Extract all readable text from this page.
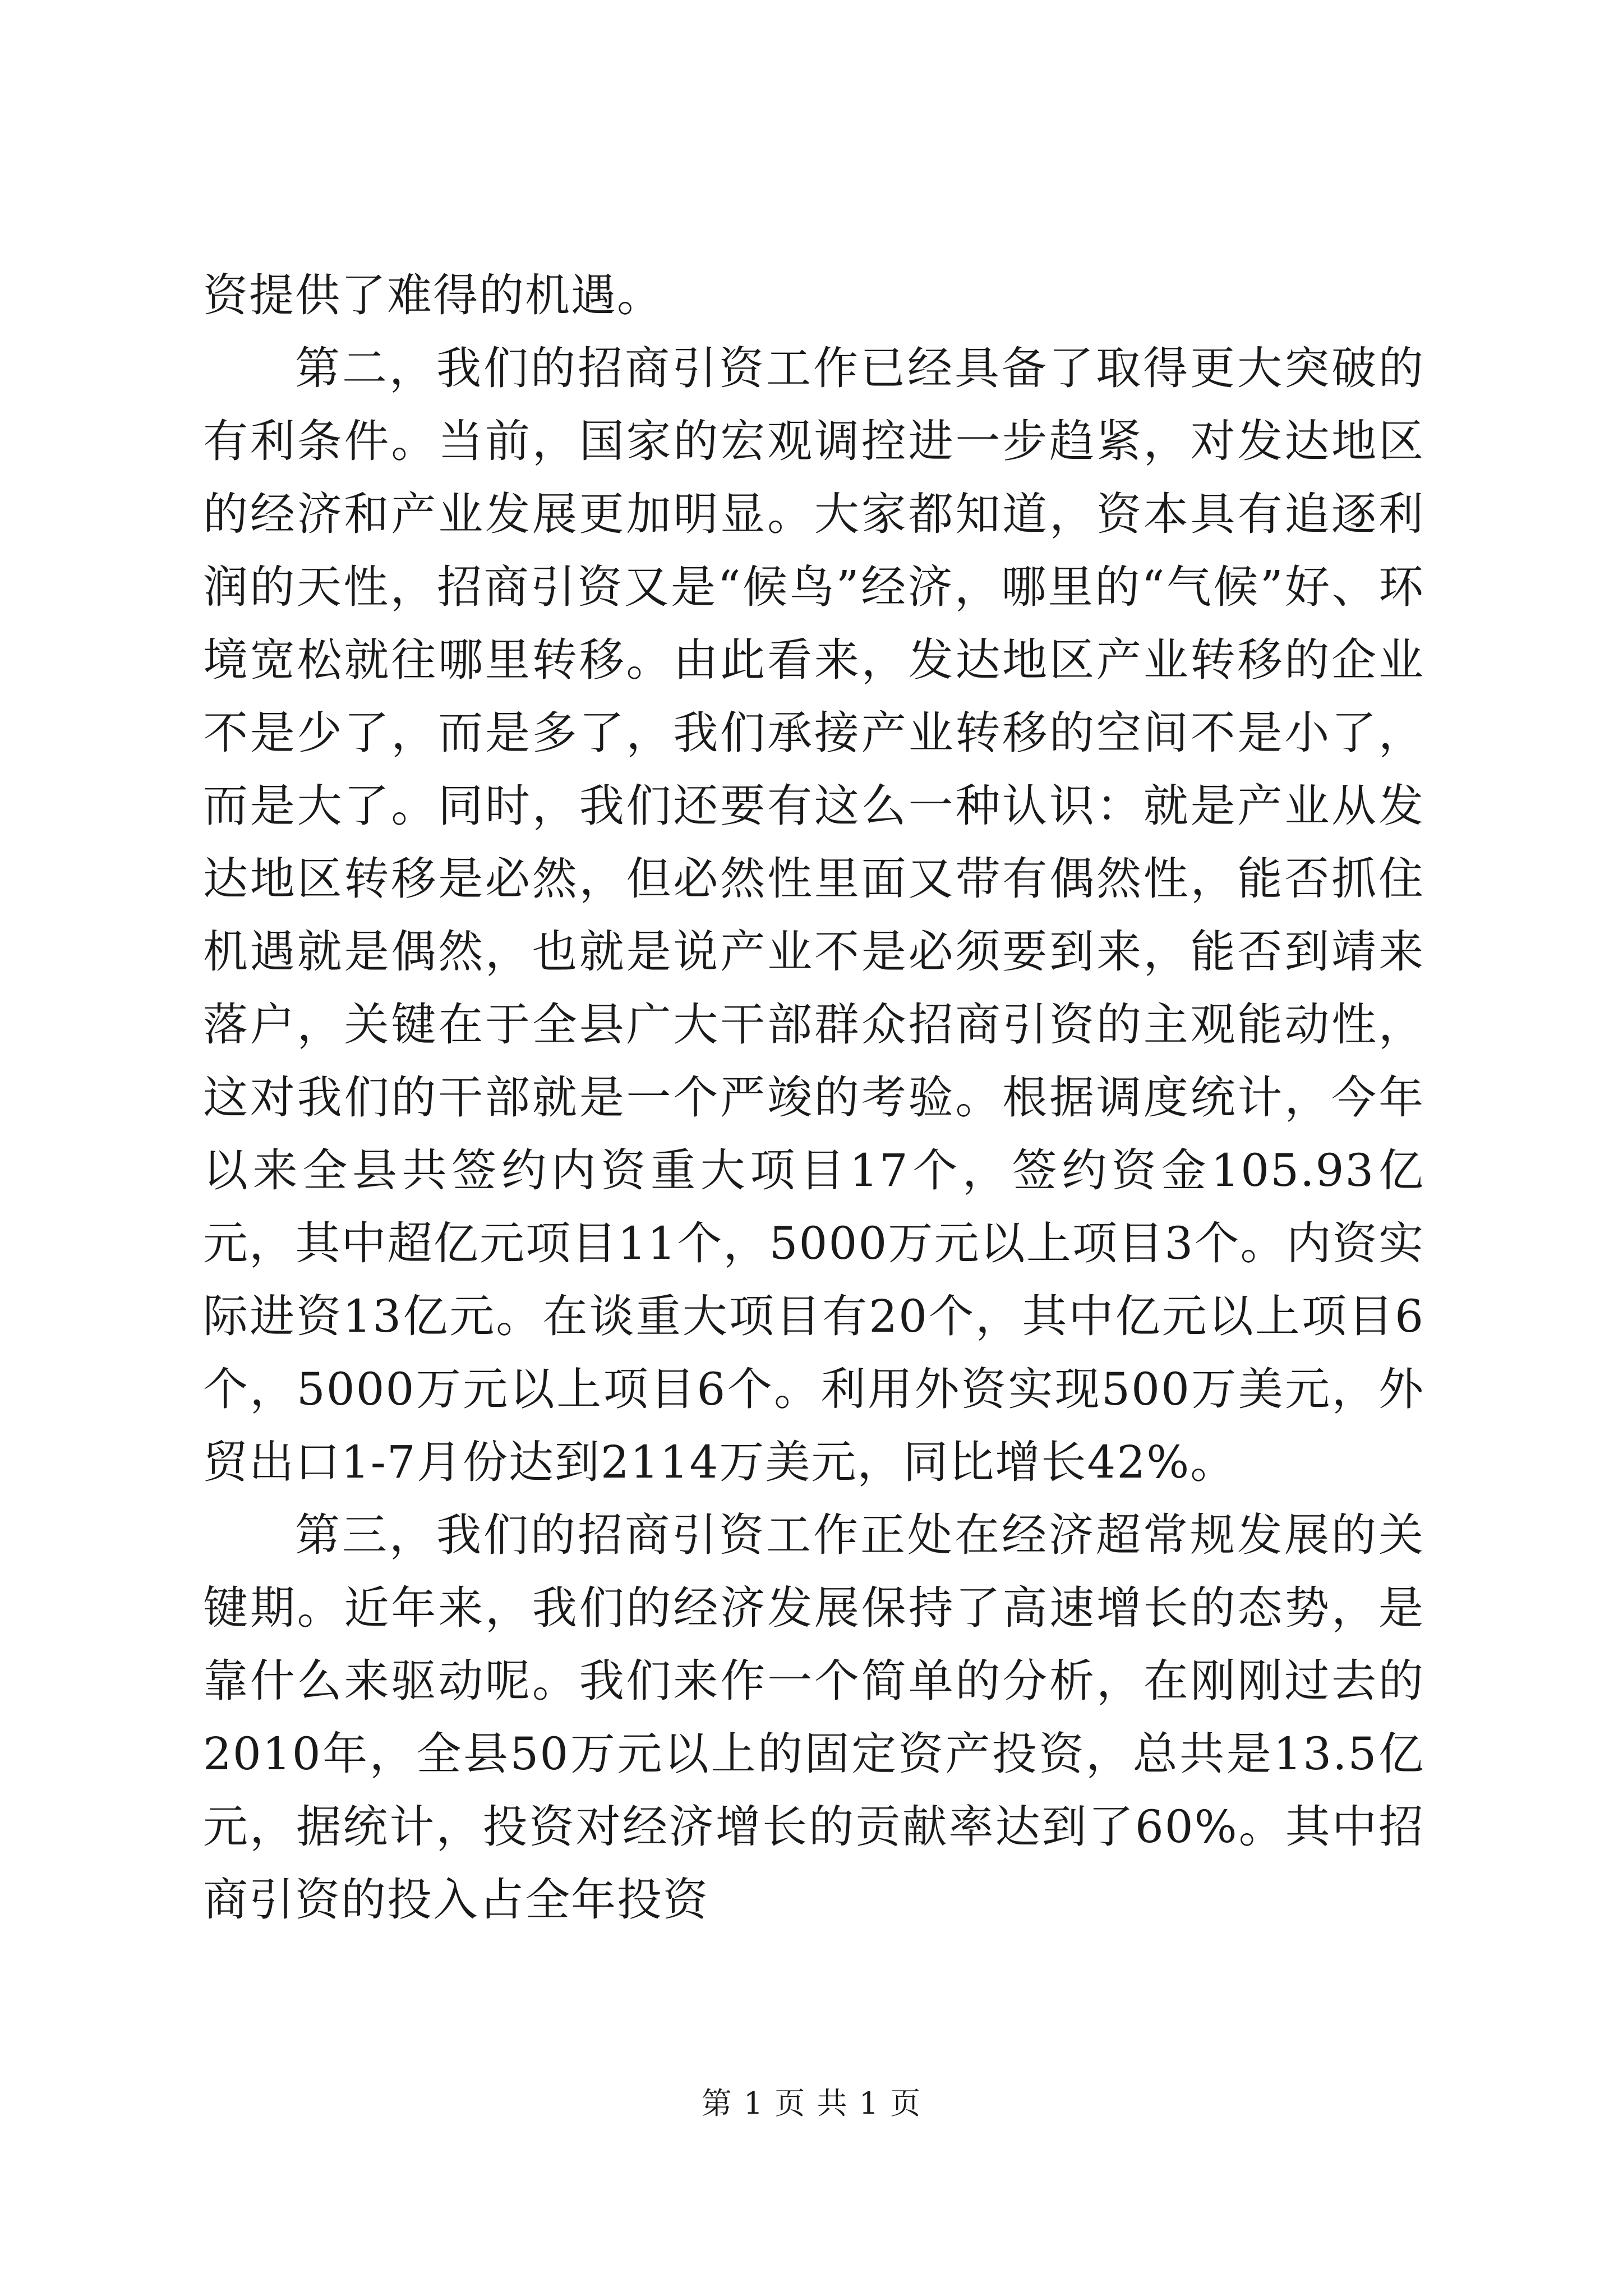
资提供了难得的机遇。

第二，我们的招商引资工作已经具备了取得更大突破的有利条件。当前，国家的宏观调控进一步趋紧，对发达地区的经济和产业发展更加明显。大家都知道，资本具有追逐利润的天性，招商引资又是“候鸟”经济，哪里的“气候”好、环境宽松就往哪里转移。由此看来，发达地区产业转移的企业不是少了，而是多了，我们承接产业转移的空间不是小了，而是大了。同时，我们还要有这么一种认识：就是产业从发达地区转移是必然，但必然性里面又带有偶然性，能否抓住机遇就是偶然，也就是说产业不是必须要到来，能否到靖来落户，关键在于全县广大干部群众招商引资的主观能动性，这对我们的干部就是一个严竣的考验。根据调度统计，今年以来全县共签约内资重大项目17个，签约资金105.93亿元，其中超亿元项目11个，5000万元以上项目3个。内资实际进资13亿元。在谈重大项目有20个，其中亿元以上项目6个，5000万元以上项目6个。利用外资实现500万美元，外贸出口1-7月份达到2114万美元，同比增长42%。

第三，我们的招商引资工作正处在经济超常规发展的关键期。近年来，我们的经济发展保持了高速增长的态势，是靠什么来驱动呢。我们来作一个简单的分析，在刚刚过去的2010年，全县50万元以上的固定资产投资，总共是13.5亿元，据统计，投资对经济增长的贡献率达到了60%。其中招商引资的投入占全年投资

第 1 页 共 1 页
